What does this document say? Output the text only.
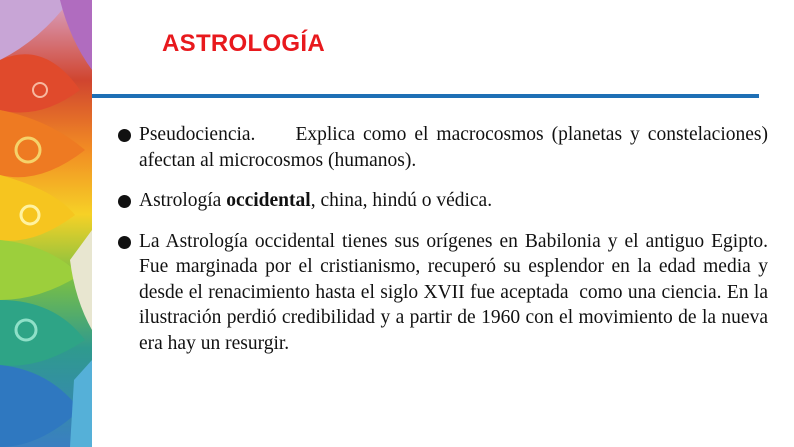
ASTROLOGÍA
Pseudociencia.     Explica como el macrocosmos (planetas y constelaciones) afectan al microcosmos (humanos).
Astrología occidental, china, hindú o védica.
La Astrología occidental tienes sus orígenes en Babilonia y el antiguo Egipto. Fue marginada por el cristianismo, recuperó su esplendor en la edad media y desde el renacimiento hasta el siglo XVII fue aceptada  como una ciencia. En la ilustración perdió credibilidad y a partir de 1960 con el movimiento de la nueva era hay un resurgir.
